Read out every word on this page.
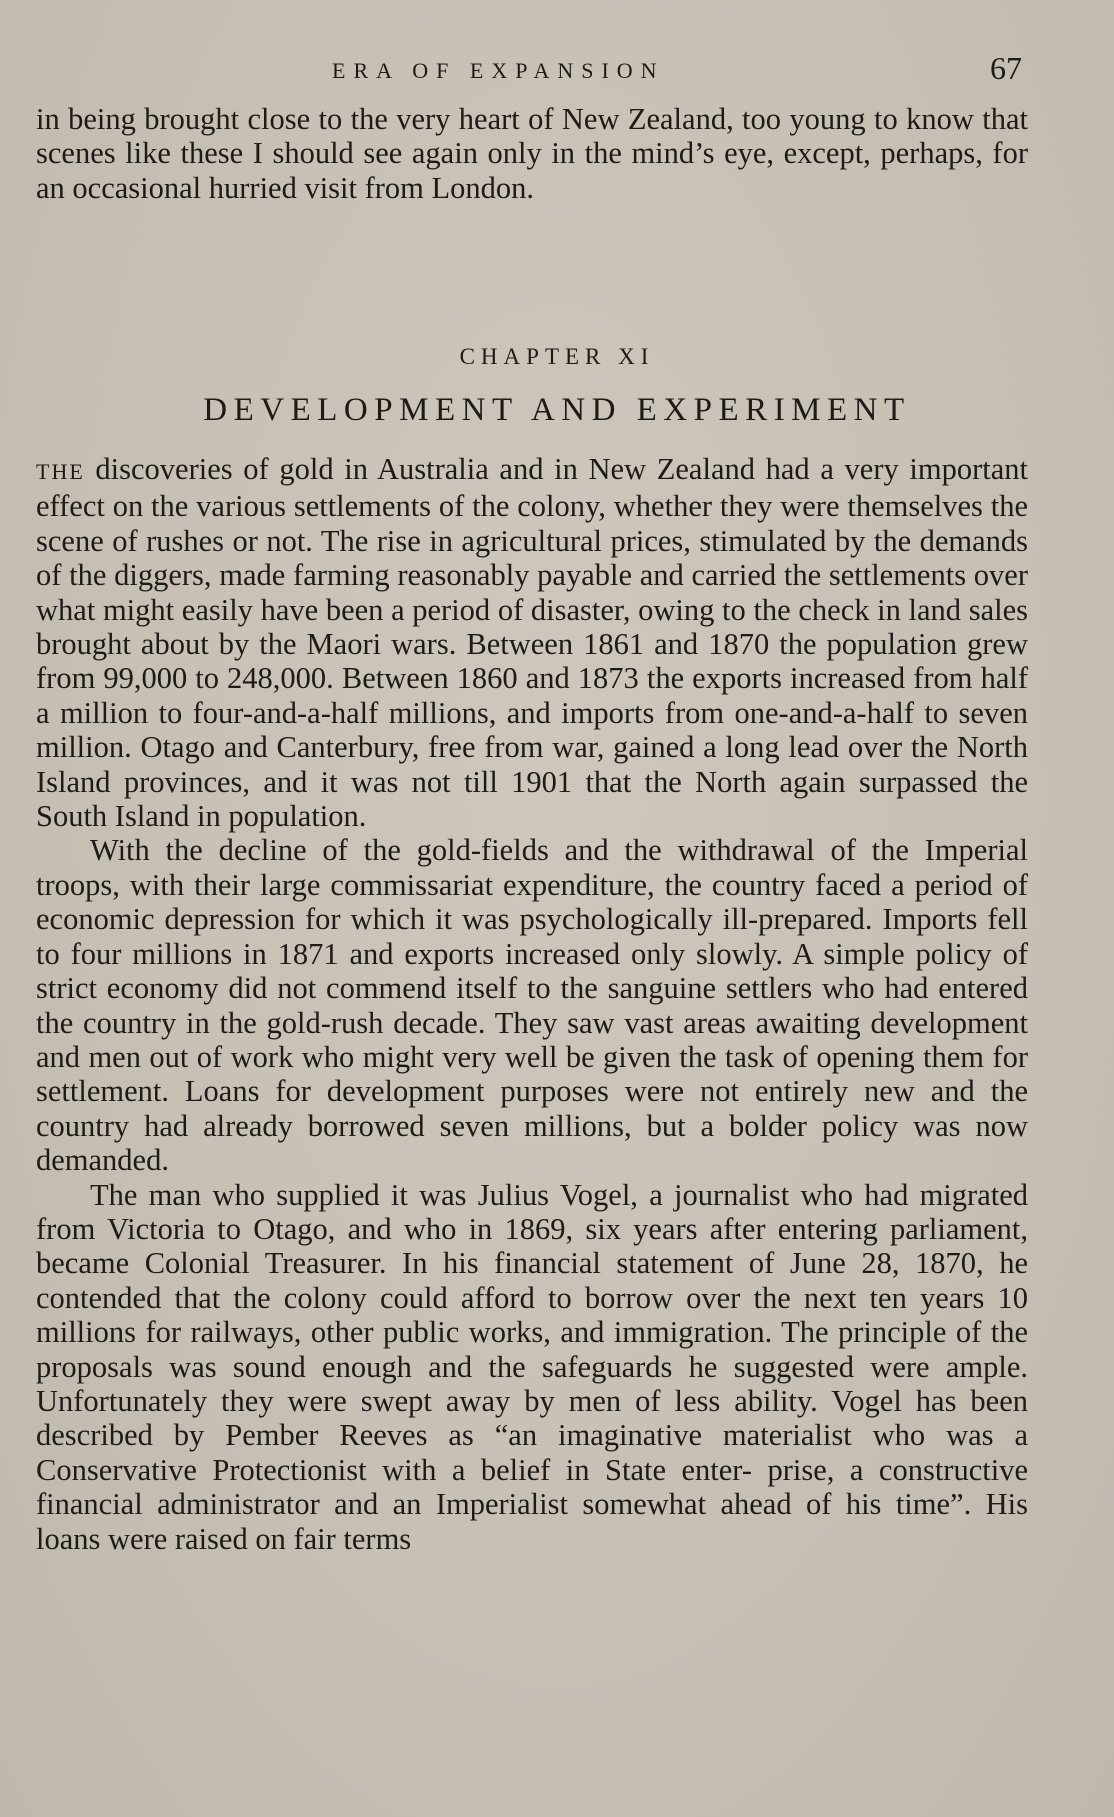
ERA OF EXPANSION	67
in being brought close to the very heart of New Zealand, too young to know that scenes like these I should see again only in the mind’s eye, except, perhaps, for an occasional hurried visit from London.
CHAPTER XI
DEVELOPMENT AND EXPERIMENT

THE discoveries of gold in Australia and in New Zealand had a very important effect on the various settlements of the colony, whether they were themselves the scene of rushes or not. The rise in agricultural prices, stimulated by the demands of the diggers, made farming reasonably payable and carried the settlements over what might easily have been a period of disaster, owing to the check in land sales brought about by the Maori wars. Between 1861 and 1870 the population grew from 99,000 to 248,000. Between 1860 and 1873 the exports increased from half a million to four-and-a-half millions, and imports from one-and-a-half to seven million. Otago and Canterbury, free from war, gained a long lead over the North Island provinces, and it was not till 1901 that the North again surpassed the South Island in population.

With the decline of the gold-fields and the withdrawal of the Imperial troops, with their large commissariat expenditure, the country faced a period of economic depression for which it was psychologically ill-prepared. Imports fell to four millions in 1871 and exports increased only slowly. A simple policy of strict economy did not commend itself to the sanguine settlers who had entered the country in the gold-rush decade. They saw vast areas awaiting development and men out of work who might very well be given the task of opening them for settlement. Loans for development purposes were not entirely new and the country had already borrowed seven millions, but a bolder policy was now demanded.

The man who supplied it was Julius Vogel, a journalist who had migrated from Victoria to Otago, and who in 1869, six years after entering parliament, became Colonial Treasurer. In his financial statement of June 28, 1870, he contended that the colony could afford to borrow over the next ten years 10 millions for railways, other public works, and immigration. The principle of the proposals was sound enough and the safeguards he suggested were ample. Unfortunately they were swept away by men of less ability. Vogel has been described by Pember Reeves as “an imaginative materialist who was a Conservative Protectionist with a belief in State enter- prise, a constructive financial administrator and an Imperialist somewhat ahead of his time”. His loans were raised on fair terms
